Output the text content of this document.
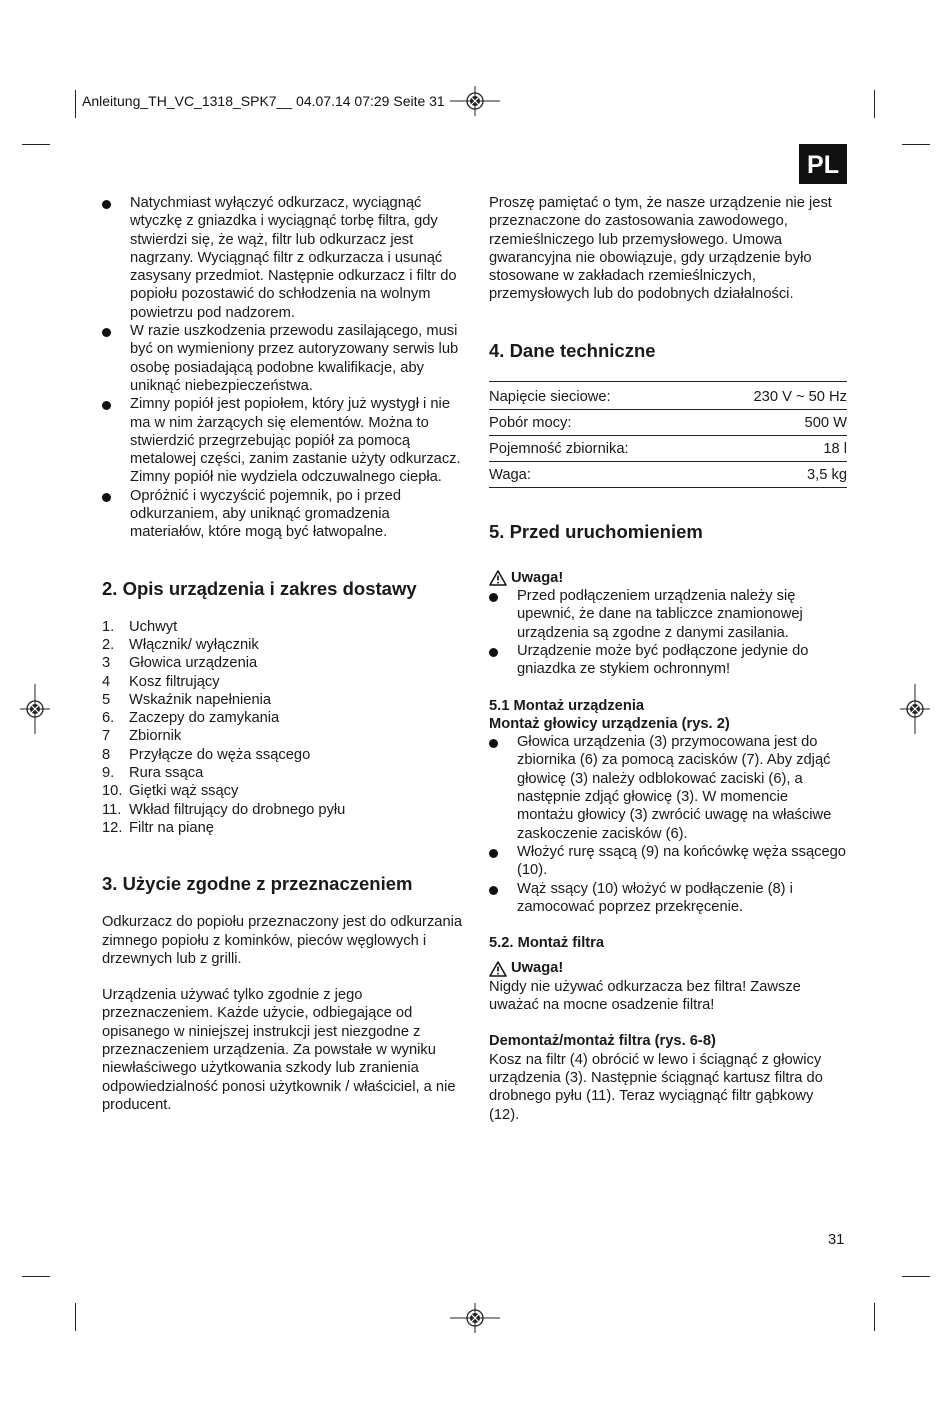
Anleitung_TH_VC_1318_SPK7__ 04.07.14 07:29 Seite 31
PL

Natychmiast wyłączyć odkurzacz, wyciągnąć wtyczkę z gniazdka i wyciągnąć torbę filtra, gdy stwierdzi się, że wąż, filtr lub odkurzacz jest nagrzany. Wyciągnąć filtr z odkurzacza i usunąć zasysany przedmiot. Następnie odkurzacz i filtr do popiołu pozostawić do schłodzenia na wolnym powietrzu pod nadzorem.

W razie uszkodzenia przewodu zasilającego, musi być on wymieniony przez autoryzowany serwis lub osobę posiadającą podobne kwalifikacje, aby uniknąć niebezpieczeństwa.

Zimny popiół jest popiołem, który już wystygł i nie ma w nim żarzących się elementów. Można to stwierdzić przegrzebując popiół za pomocą metalowej części, zanim zastanie użyty odkurzacz. Zimny popiół nie wydziela odczuwalnego ciepła.

Opróżnić i wyczyścić pojemnik, po i przed odkurzaniem, aby uniknąć gromadzenia materiałów, które mogą być łatwopalne.

2. Opis urządzenia i zakres dostawy
1.	Uchwyt
2.	Włącznik/ wyłącznik
3	Głowica urządzenia
4	Kosz filtrujący
5	Wskaźnik napełnienia
6.	Zaczepy do zamykania
7	Zbiornik
8	Przyłącze do węża ssącego
9.	Rura ssąca
10. Giętki wąż ssący
11. Wkład filtrujący do drobnego pyłu
12. Filtr na pianę
3. Użycie zgodne z przeznaczeniem

Odkurzacz do popiołu przeznaczony jest do odkurzania zimnego popiołu z kominków, pieców węglowych i drzewnych lub z grilli.

Urządzenia używać tylko zgodnie z jego przeznaczeniem. Każde użycie, odbiegające od opisanego w niniejszej instrukcji jest niezgodne z przeznaczeniem urządzenia. Za powstałe w wyniku niewłaściwego użytkowania szkody lub zranienia odpowiedzialność ponosi użytkownik / właściciel, a nie producent.

Proszę pamiętać o tym, że nasze urządzenie nie jest przeznaczone do zastosowania zawodowego, rzemieślniczego lub przemysłowego. Umowa gwarancyjna nie obowiązuje, gdy urządzenie było stosowane w zakładach rzemieślniczych, przemysłowych lub do podobnych działalności.

4. Dane techniczne
Napięcie sieciowe:	230 V ~ 50 Hz
Pobór mocy:	500 W
Pojemność zbiornika:	18 l
Waga:	3,5 kg
5. Przed uruchomieniem
Uwaga!

Przed podłączeniem urządzenia należy się upewnić, że dane na tabliczce znamionowej urządzenia są zgodne z danymi zasilania.

Urządzenie może być podłączone jedynie do gniazdka ze stykiem ochronnym!

5.1 Montaż urządzenia

Montaż głowicy urządzenia (rys. 2)

Głowica urządzenia (3) przymocowana jest do zbiornika (6) za pomocą zacisków (7). Aby zdjąć głowicę (3) należy odblokować zaciski (6), a następnie zdjąć głowicę (3). W momencie montażu głowicy (3) zwrócić uwagę na właściwe zaskoczenie zacisków (6).

Włożyć rurę ssącą (9) na końcówkę węża ssącego (10).

Wąż ssący (10) włożyć w podłączenie (8) i zamocować poprzez przekręcenie.

5.2. Montaż filtra

Uwaga!

Nigdy nie używać odkurzacza bez filtra! Zawsze uważać na mocne osadzenie filtra!

Demontaż/montaż filtra (rys. 6-8)

Kosz na filtr (4) obrócić w lewo i ściągnąć z głowicy urządzenia (3). Następnie ściągnąć kartusz filtra do drobnego pyłu (11). Teraz wyciągnąć filtr gąbkowy (12).

31
